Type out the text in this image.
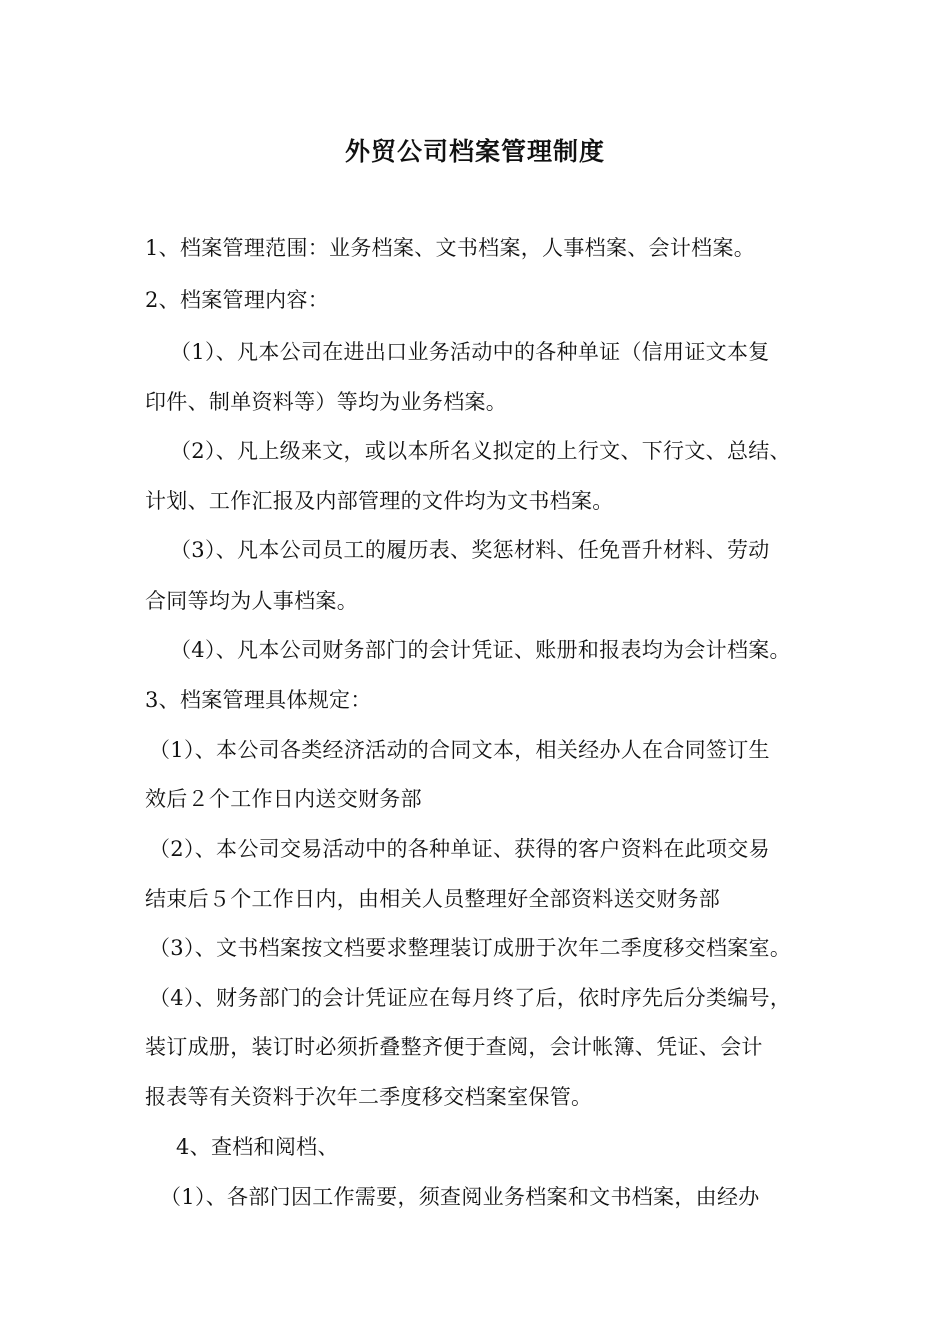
外贸公司档案管理制度
1、档案管理范围：业务档案、文书档案，人事档案、会计档案。
2、档案管理内容：
（1）、凡本公司在进出口业务活动中的各种单证（信用证文本复
印件、制单资料等）等均为业务档案。
（2）、凡上级来文，或以本所名义拟定的上行文、下行文、总结、
计划、工作汇报及内部管理的文件均为文书档案。
（3）、凡本公司员工的履历表、奖惩材料、任免晋升材料、劳动
合同等均为人事档案。
（4）、凡本公司财务部门的会计凭证、账册和报表均为会计档案。
3、档案管理具体规定：
（1）、本公司各类经济活动的合同文本，相关经办人在合同签订生
效后２个工作日内送交财务部
（2）、本公司交易活动中的各种单证、获得的客户资料在此项交易
结束后５个工作日内，由相关人员整理好全部资料送交财务部
（3）、文书档案按文档要求整理装订成册于次年二季度移交档案室。
（4）、财务部门的会计凭证应在每月终了后，依时序先后分类编号，
装订成册，装订时必须折叠整齐便于查阅，会计帐簿、凭证、会计
报表等有关资料于次年二季度移交档案室保管。
4、查档和阅档、
（1）、各部门因工作需要，须查阅业务档案和文书档案，由经办
